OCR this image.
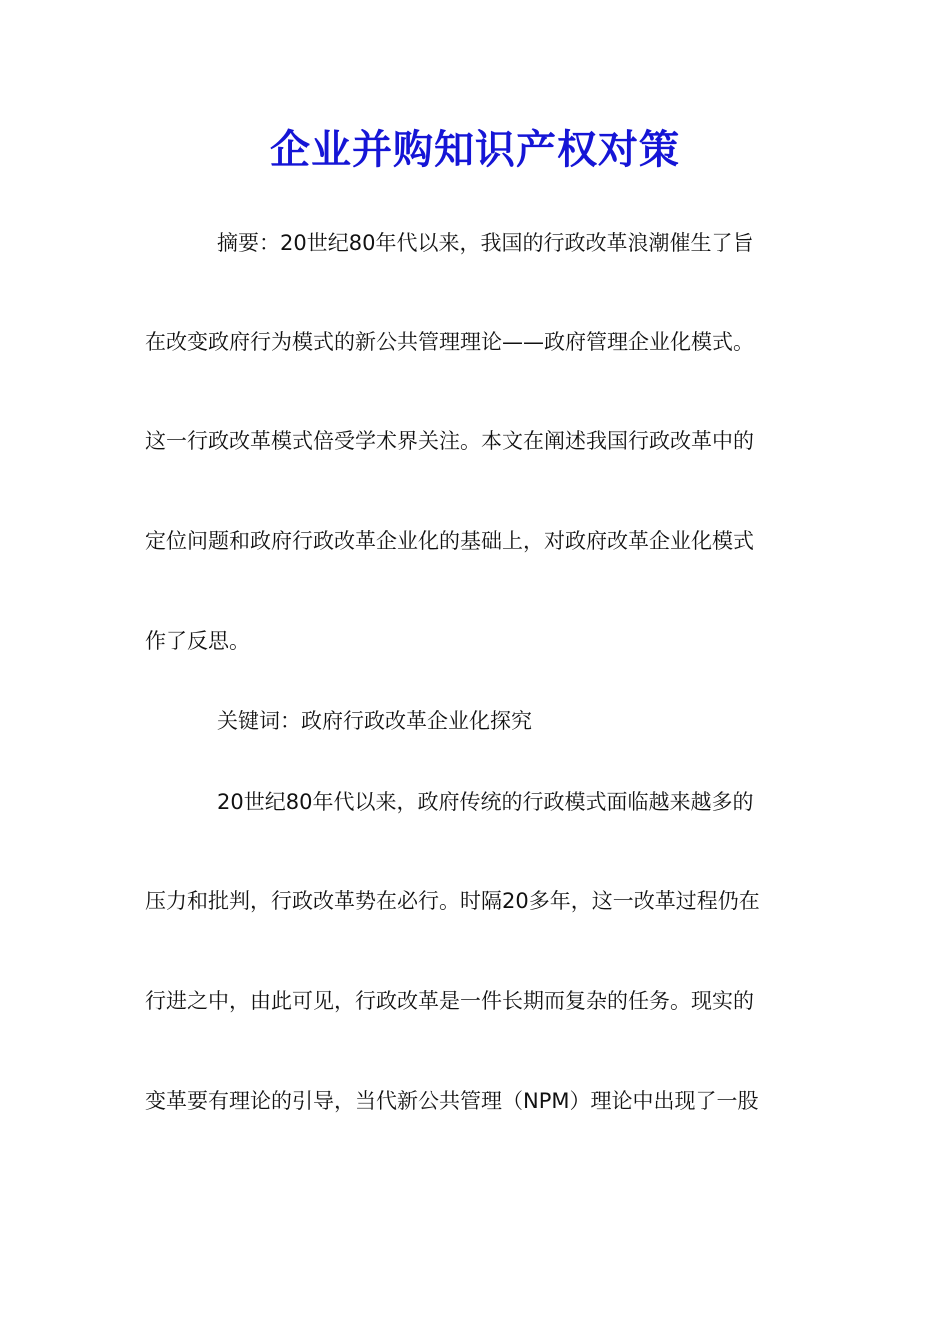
企业并购知识产权对策
摘要：20世纪80年代以来，我国的行政改革浪潮催生了旨
在改变政府行为模式的新公共管理理论——政府管理企业化模式。
这一行政改革模式倍受学术界关注。本文在阐述我国行政改革中的
定位问题和政府行政改革企业化的基础上，对政府改革企业化模式
作了反思。
关键词：政府行政改革企业化探究
20世纪80年代以来，政府传统的行政模式面临越来越多的
压力和批判，行政改革势在必行。时隔20多年，这一改革过程仍在
行进之中，由此可见，行政改革是一件长期而复杂的任务。现实的
变革要有理论的引导，当代新公共管理（NPM）理论中出现了一股
